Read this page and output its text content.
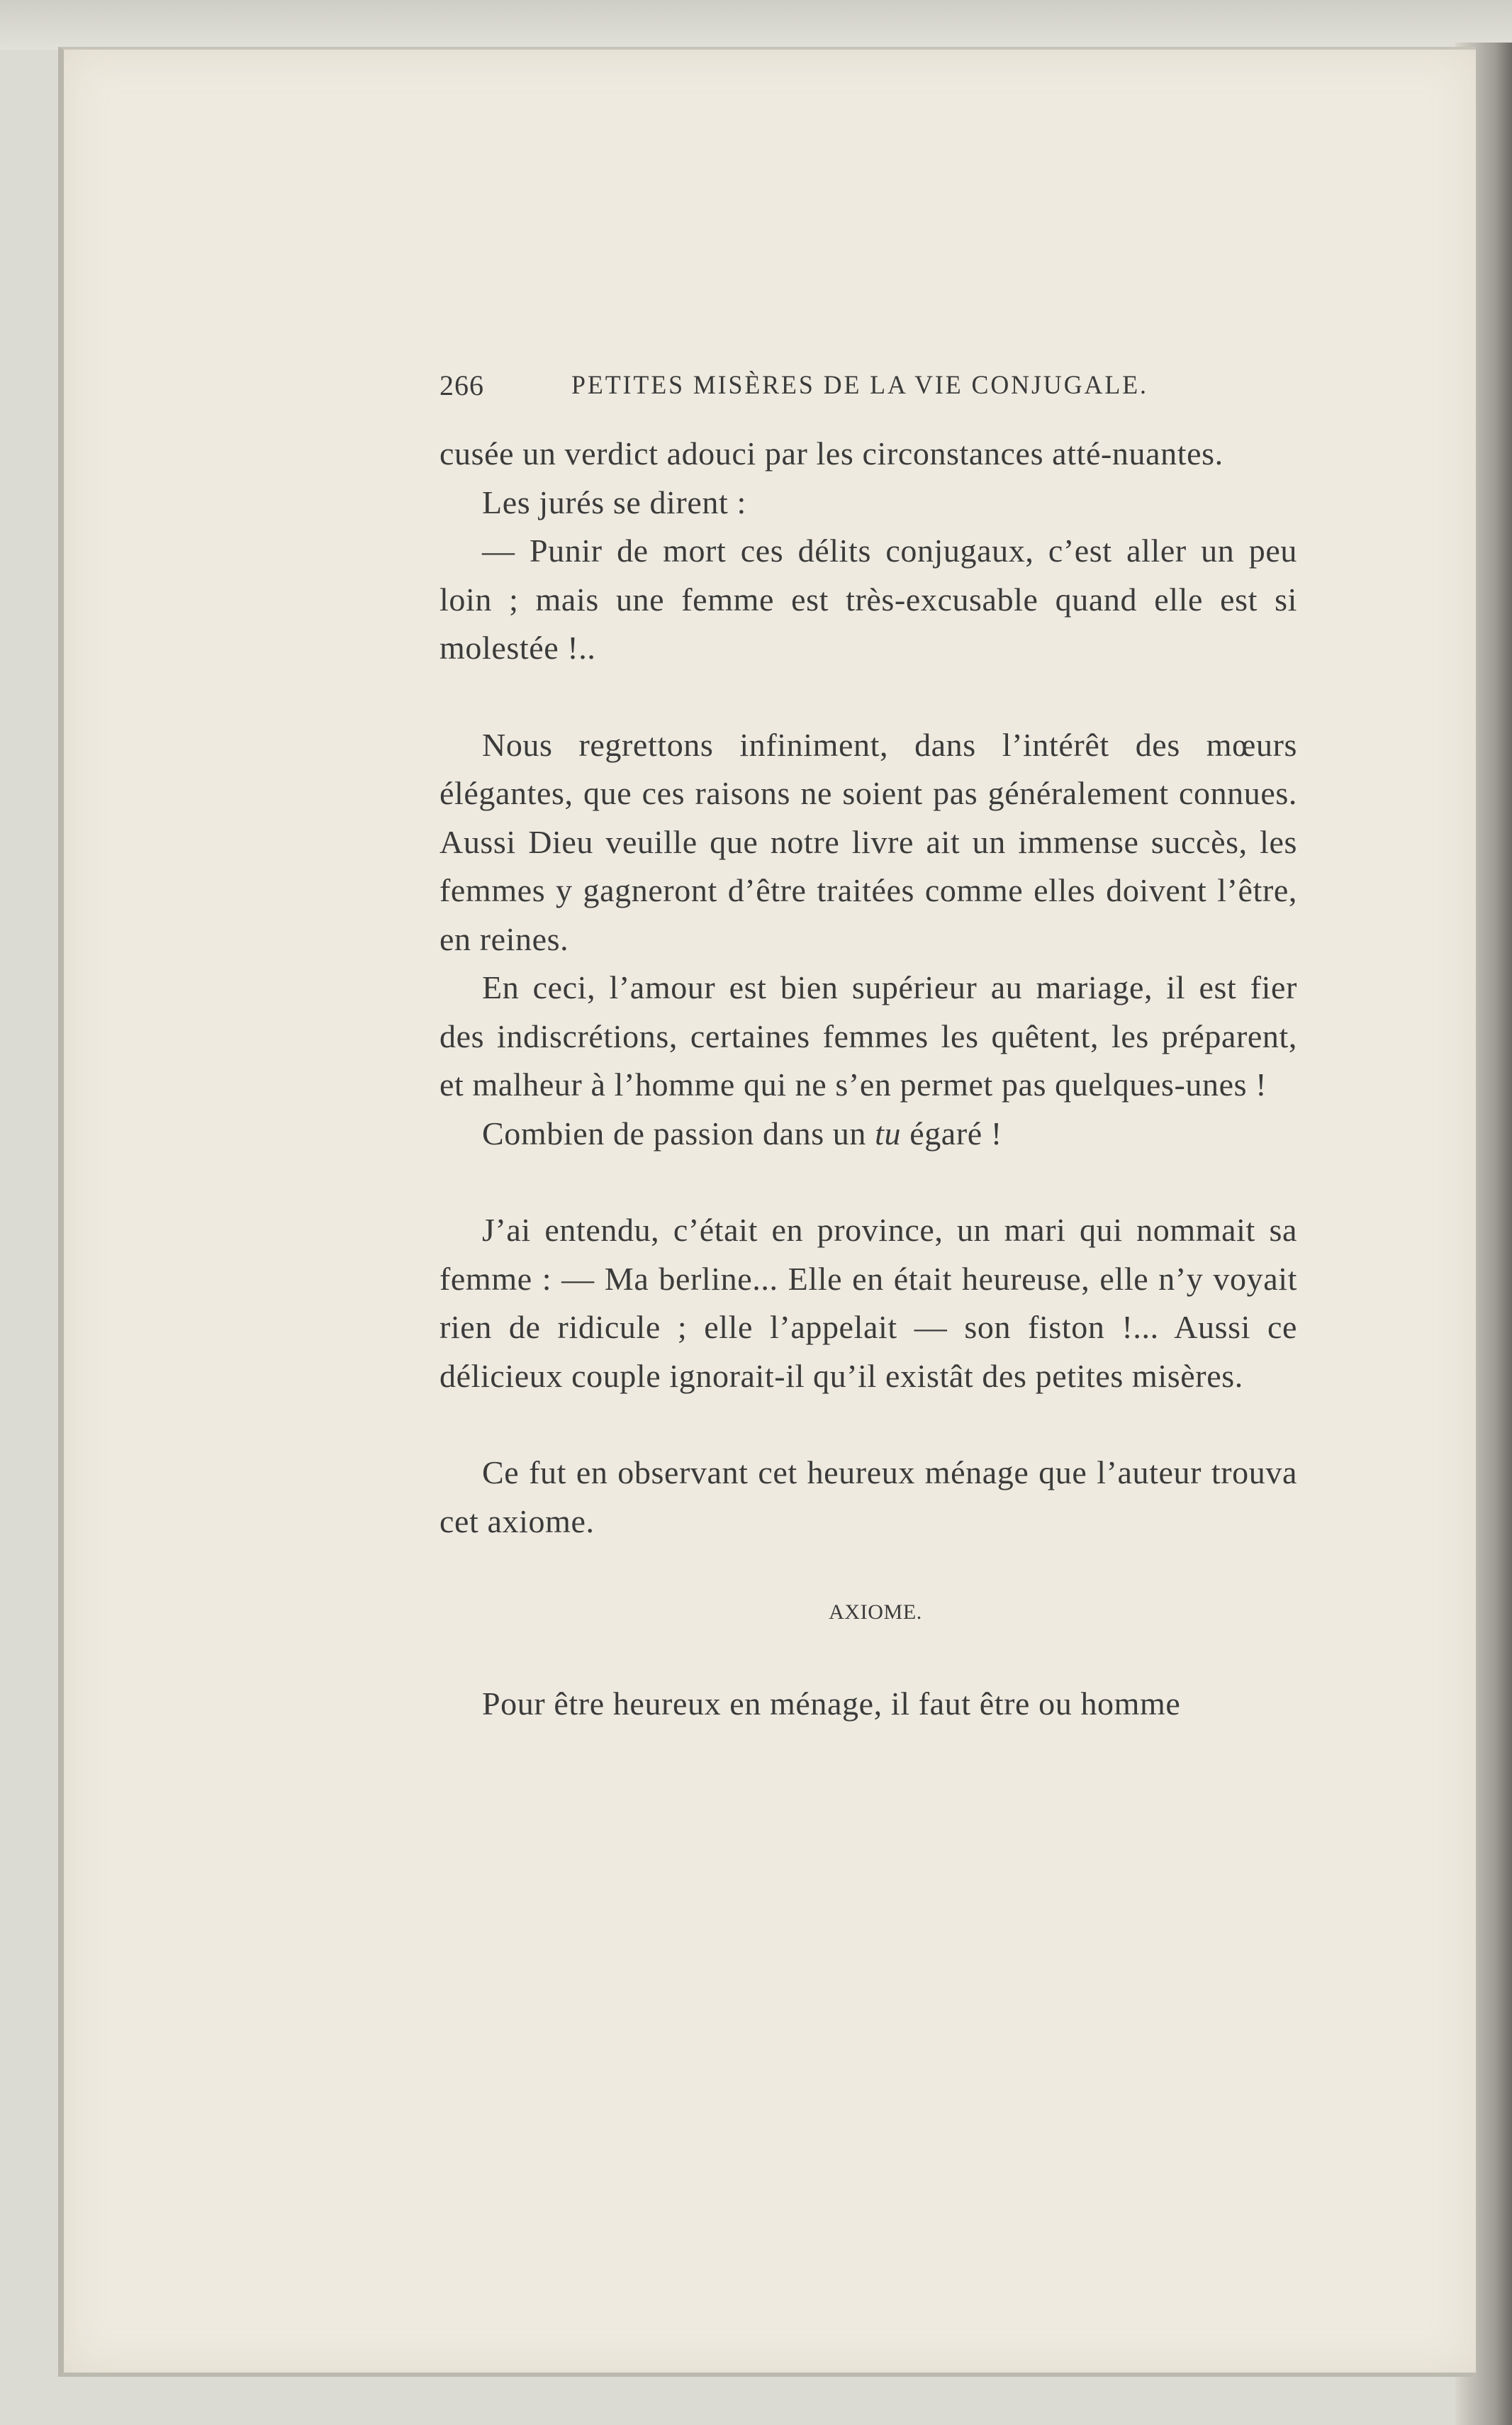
266	PETITES MISÈRES DE LA VIE CONJUGALE.

cusée un verdict adouci par les circonstances atté-nuantes.

Les jurés se dirent :

— Punir de mort ces délits conjugaux, c’est aller un peu loin ; mais une femme est très-excusable quand elle est si molestée !..

Nous regrettons infiniment, dans l’intérêt des mœurs élégantes, que ces raisons ne soient pas généralement connues. Aussi Dieu veuille que notre livre ait un immense succès, les femmes y gagneront d’être traitées comme elles doivent l’être, en reines.

En ceci, l’amour est bien supérieur au mariage, il est fier des indiscrétions, certaines femmes les quêtent, les préparent, et malheur à l’homme qui ne s’en permet pas quelques-unes !

Combien de passion dans un tu égaré !

J’ai entendu, c’était en province, un mari qui nommait sa femme : — Ma berline... Elle en était heureuse, elle n’y voyait rien de ridicule ; elle l’appelait — son fiston !... Aussi ce délicieux couple ignorait-il qu’il existât des petites misères.

Ce fut en observant cet heureux ménage que l’auteur trouva cet axiome.

AXIOME.

Pour être heureux en ménage, il faut être ou homme
